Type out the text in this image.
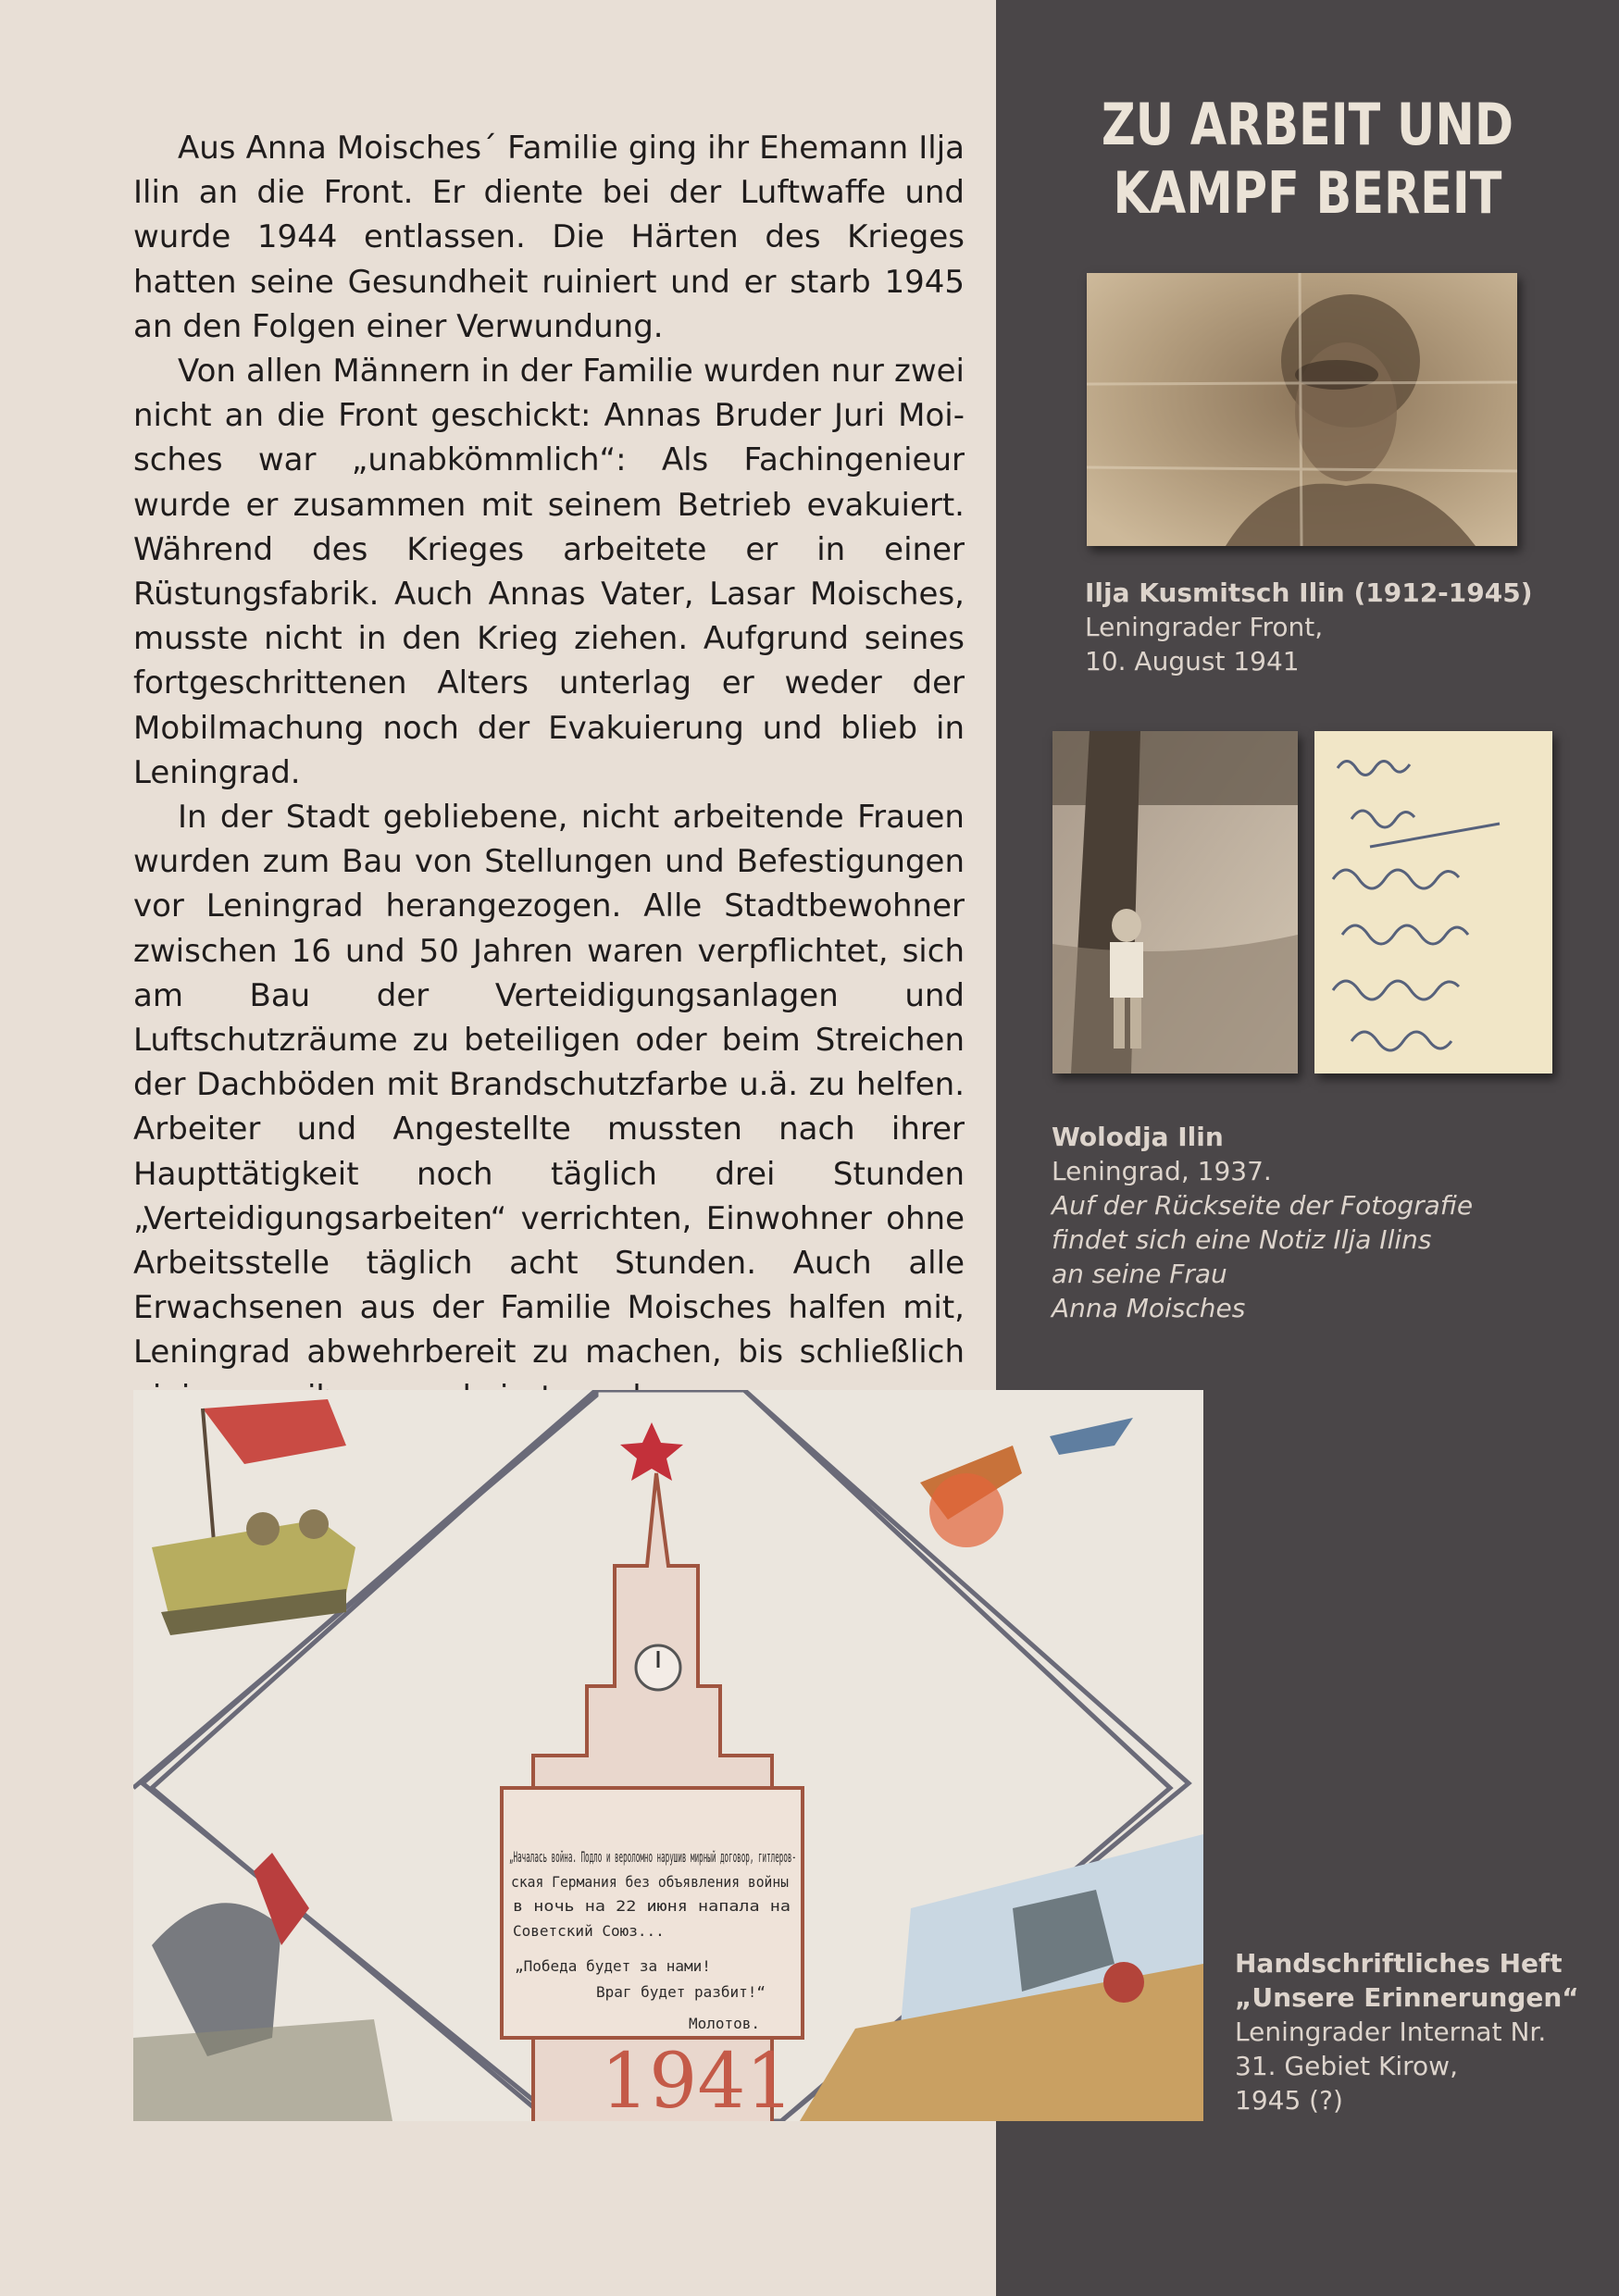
ZU ARBEIT UND
KAMPF BEREIT

Aus Anna Moisches´ Familie ging ihr Ehemann Ilja Ilin an die Front. Er diente bei der Luftwaffe und wurde 1944 entlassen. Die Härten des Krieges hatten seine Gesundheit ruiniert und er starb 1945 an den Folgen einer Verwundung.

Von allen Männern in der Familie wurden nur zwei nicht an die Front geschickt: Annas Bruder Juri Moisches war „unabkömmlich“: Als Fachingenieur wurde er zusammen mit seinem Betrieb evakuiert. Während des Krieges arbeitete er in einer Rüstungsfabrik. Auch Annas Vater, Lasar Moisches, musste nicht in den Krieg ziehen. Aufgrund seines fortgeschrittenen Alters unterlag er weder der Mobilmachung noch der Evakuierung und blieb in Leningrad.

In der Stadt gebliebene, nicht arbeitende Frauen wurden zum Bau von Stellungen und Befestigungen vor Leningrad herangezogen. Alle Stadtbewohner zwischen 16 und 50 Jahren waren verpflichtet, sich am Bau der Verteidigungsanlagen und Luftschutzräume zu beteiligen oder beim Streichen der Dachböden mit Brandschutzfarbe u.ä. zu helfen. Arbeiter und Angestellte mussten nach ihrer Haupttätigkeit noch täglich drei Stunden „Verteidigungsarbeiten“ verrichten, Einwohner ohne Arbeitsstelle täglich acht Stunden. Auch alle Erwachsenen aus der Familie Moisches halfen mit, Leningrad abwehrbereit zu machen, bis schließlich

Ilja Kusmitsch Ilin (1912-1945)
Leningrader Front,
10. August 1941
Wolodja Ilin
Leningrad, 1937.
Auf der Rückseite der Fotografie
findet sich eine Notiz Ilja Ilins
an seine Frau
Anna Moisches
„Началась война. Подло и вероломно нарушив мирный договор, гитлеров-
ская Германия без объявления войны
в ночь на 22 июня напала на
Советский Союз...
„Победа будет за нами!
Враг будет разбит!“
Молотов.
1941
Handschriftliches Heft
„Unsere Erinnerungen“
Leningrader Internat Nr.
31. Gebiet Kirow,
1945 (?)
